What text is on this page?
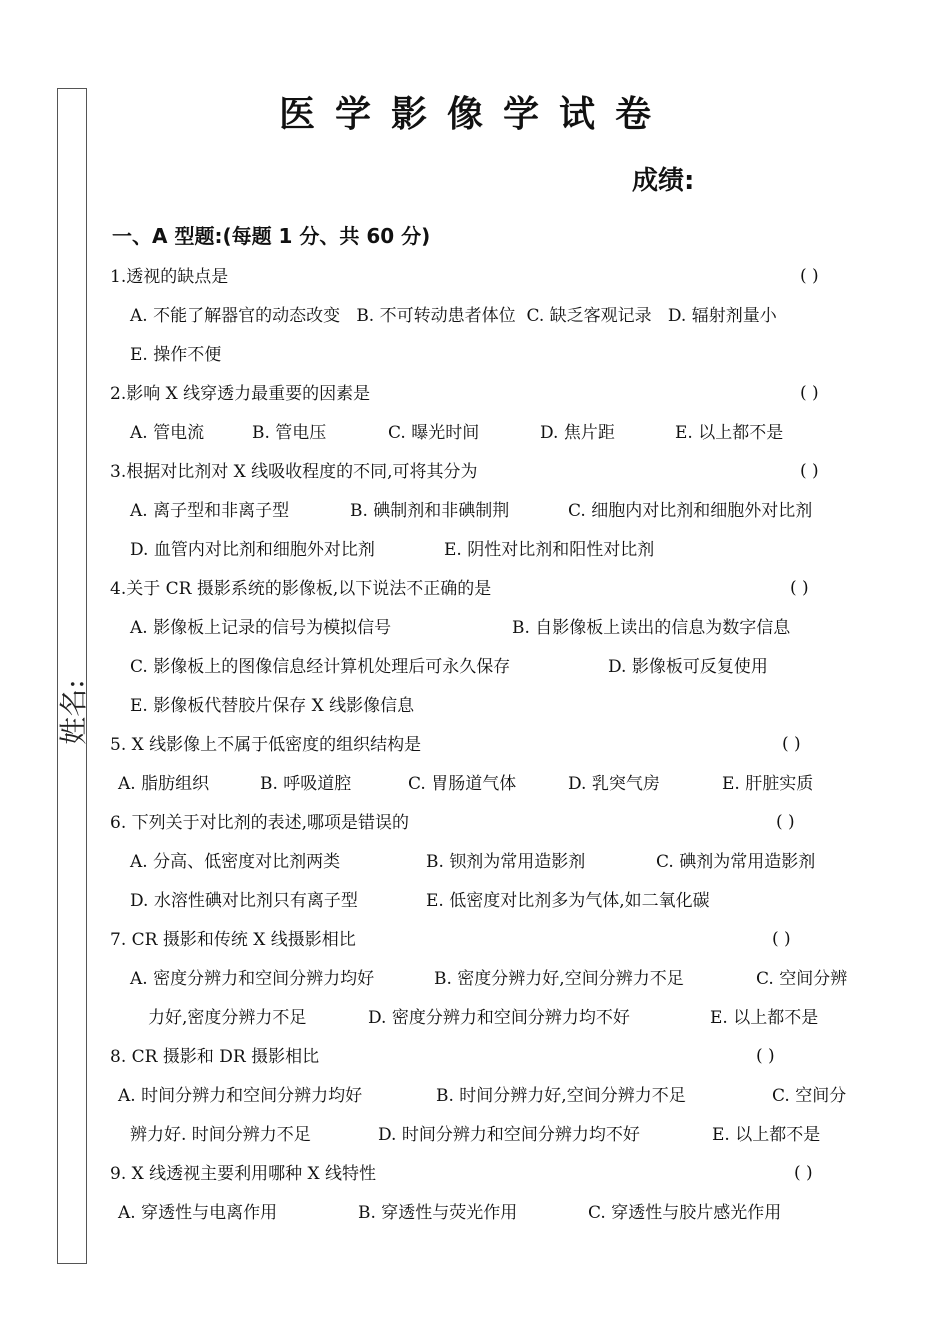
姓名:
医学影像学试卷
成绩:
一、A 型题:(每题 1 分、共 60 分)
1.透视的缺点是	( )
A. 不能了解器官的动态改变 B. 不可转动患者体位 C. 缺乏客观记录 D. 辐射剂量小
E. 操作不便
2.影响 X 线穿透力最重要的因素是	( )
A. 管电流	B. 管电压	C. 曝光时间	D. 焦片距	E. 以上都不是
3.根据对比剂对 X 线吸收程度的不同,可将其分为	( )
A. 离子型和非离子型	B. 碘制剂和非碘制荆	C. 细胞内对比剂和细胞外对比剂
D. 血管内对比剂和细胞外对比剂	E. 阴性对比剂和阳性对比剂
4.关于 CR 摄影系统的影像板,以下说法不正确的是	( )
A. 影像板上记录的信号为模拟信号	B. 自影像板上读出的信息为数字信息
C. 影像板上的图像信息经计算机处理后可永久保存	D. 影像板可反复使用
E. 影像板代替胶片保存 X 线影像信息
5. X 线影像上不属于低密度的组织结构是	( )
A. 脂肪组织	B. 呼吸道腔	C. 胃肠道气体	D. 乳突气房	E. 肝脏实质
6. 下列关于对比剂的表述,哪项是错误的	( )
A. 分高、低密度对比剂两类	B. 钡剂为常用造影剂	C. 碘剂为常用造影剂
D. 水溶性碘对比剂只有离子型	E. 低密度对比剂多为气体,如二氧化碳
7. CR 摄影和传统 X 线摄影相比	( )
A. 密度分辨力和空间分辨力均好	B. 密度分辨力好,空间分辨力不足	C. 空间分辨
力好,密度分辨力不足	D. 密度分辨力和空间分辨力均不好	E. 以上都不是
8. CR 摄影和 DR 摄影相比	( )
A. 时间分辨力和空间分辨力均好	B. 时间分辨力好,空间分辨力不足	C. 空间分
辨力好. 时间分辨力不足	D. 时间分辨力和空间分辨力均不好	E. 以上都不是
9. X 线透视主要利用哪种 X 线特性	( )
A. 穿透性与电离作用	B. 穿透性与荧光作用	C. 穿透性与胶片感光作用
